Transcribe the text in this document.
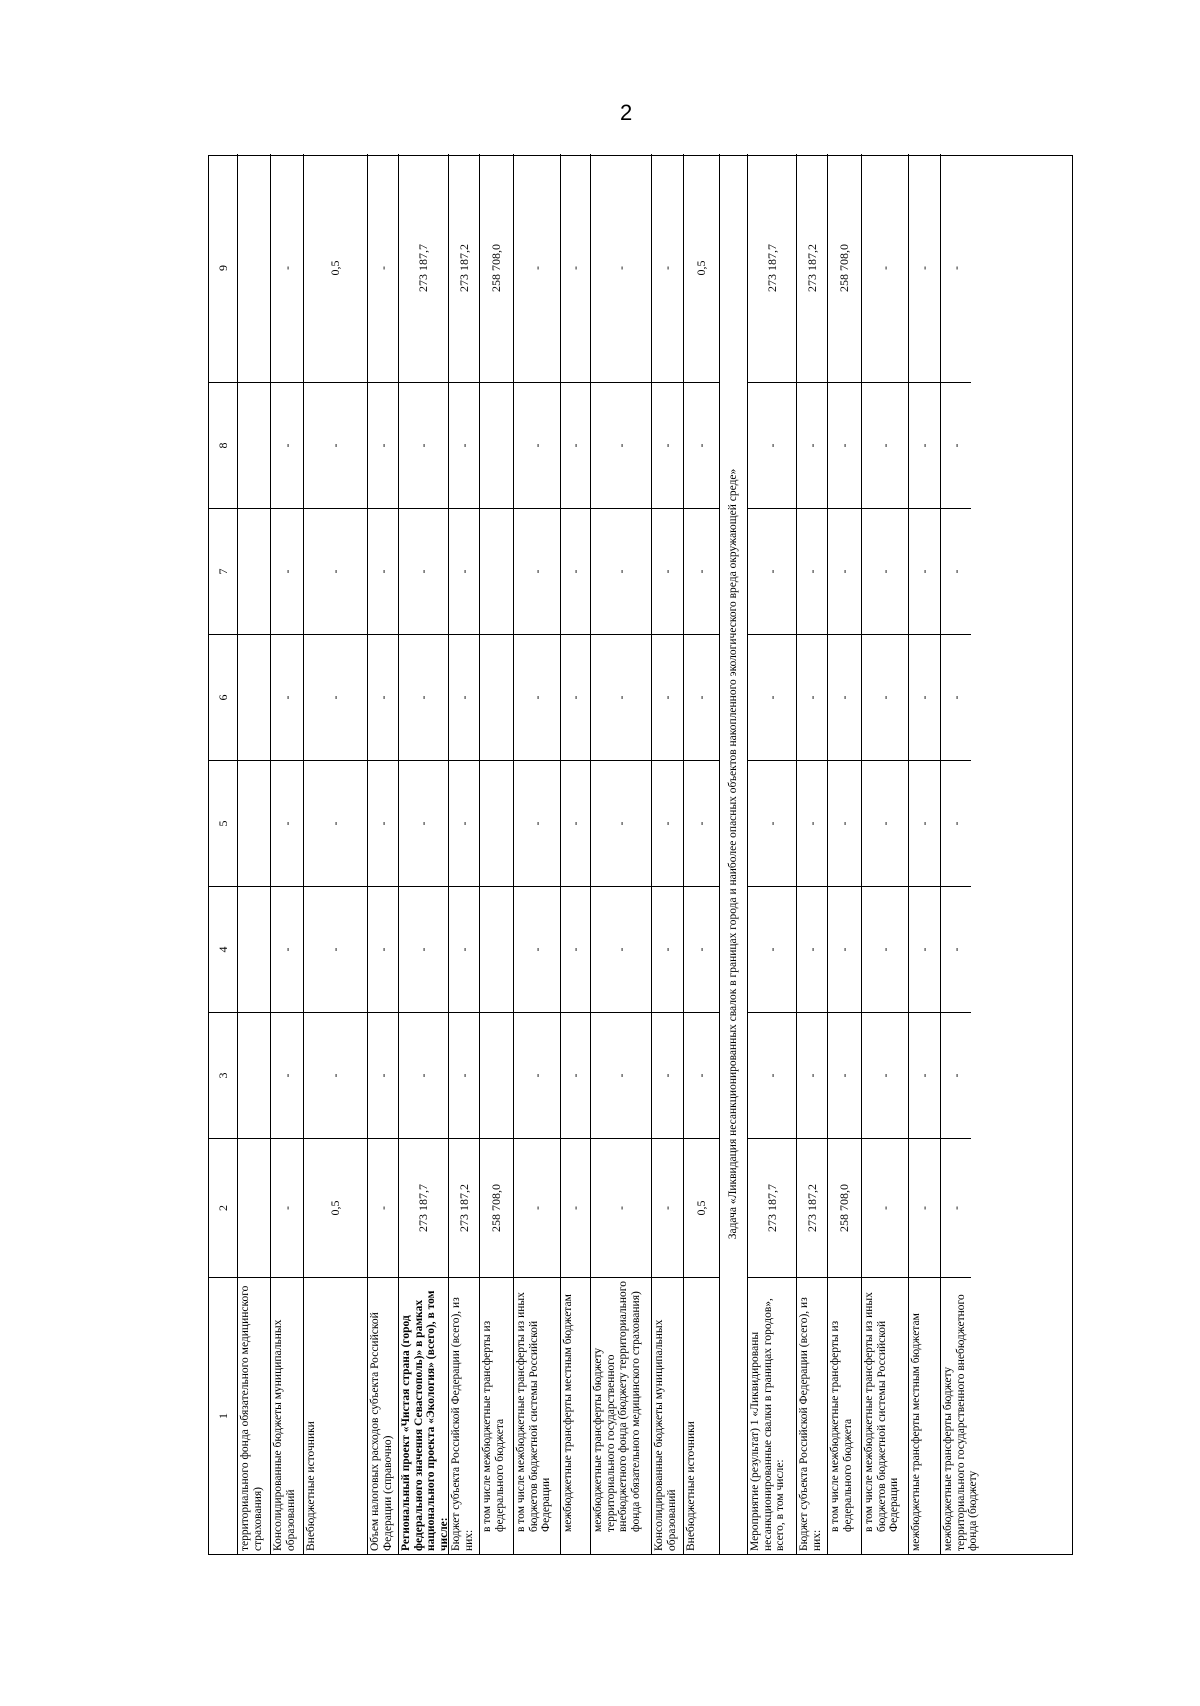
2
1
2
3
4
5
6
7
8
9
территориального фонда обязательного медицинского страхования) Консолидированные бюджеты муниципальных образований
-
-
-
-
-
-
-
-
Внебюджетные источники
0,5
-
-
-
-
-
-
0,5
Объем налоговых расходов субъекта Российской Федерации (справочно)
-
-
-
-
-
-
-
-
Региональный проект «Чистая страна (город федерального значения Севастополь)» в рамках национального проекта «Экология» (всего), в том числе:
273 187,7
-
-
-
-
-
-
273 187,7
Бюджет субъекта Российской Федерации (всего), из них:
273 187,2
-
-
-
-
-
-
273 187,2
в том числе межбюджетные трансферты из федерального бюджета
258 708,0
258 708,0
в том числе межбюджетные трансферты из иных бюджетов бюджетной системы Российской Федерации
-
-
-
-
-
-
-
-
межбюджетные трансферты местным бюджетам
-
-
-
-
-
-
-
-
межбюджетные трансферты бюджету территориального государственного внебюджетного фонда (бюджету территориального фонда обязательного медицинского страхования)
-
-
-
-
-
-
-
-
Консолидированные бюджеты муниципальных образований
-
-
-
-
-
-
-
-
Внебюджетные источники
0,5
-
-
-
-
-
-
0,5
Задача «Ликвидация несанкционированных свалок в границах города и наиболее опасных объектов накопленного экологического вреда окружающей среде»
Мероприятие (результат) 1 «Ликвидированы несанкционированные свалки в границах городов», всего, в том числе:
273 187,7
-
-
-
-
-
-
273 187,7
Бюджет субъекта Российской Федерации (всего), из них:
273 187,2
-
-
-
-
-
-
273 187,2
в том числе межбюджетные трансферты из федерального бюджета
258 708,0
-
-
-
-
-
-
258 708,0
в том числе межбюджетные трансферты из иных бюджетов бюджетной системы Российской Федерации
-
-
-
-
-
-
-
-
межбюджетные трансферты местным бюджетам
-
-
-
-
-
-
-
-
межбюджетные трансферты бюджету территориального государственного внебюджетного фонда (бюджету
-
-
-
-
-
-
-
-
